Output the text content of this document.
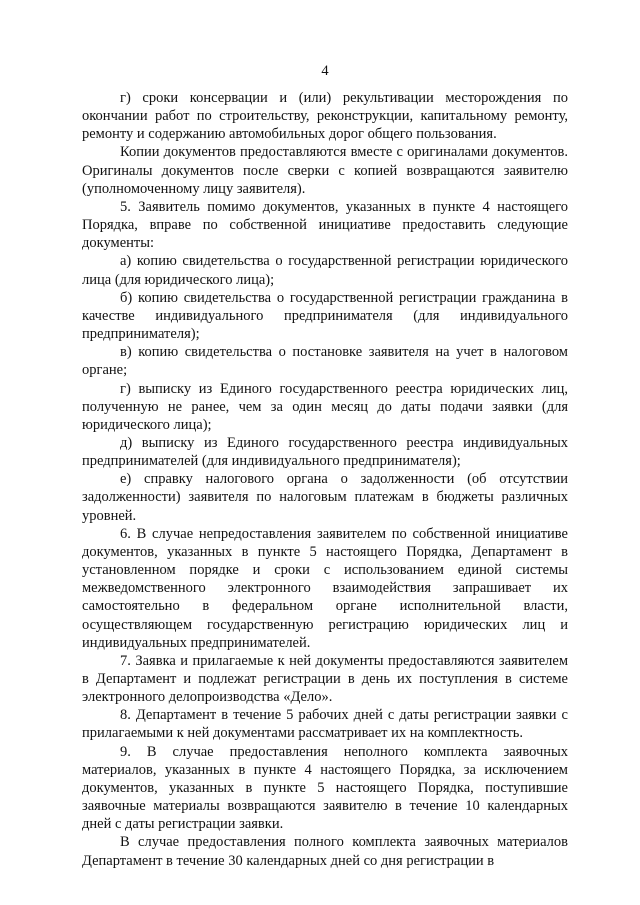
4

г) сроки консервации и (или) рекультивации месторождения по окончании работ по строительству, реконструкции, капитальному ремонту, ремонту и содержанию автомобильных дорог общего пользования.

Копии документов предоставляются вместе с оригиналами документов. Оригиналы документов после сверки с копией возвращаются заявителю (уполномоченному лицу заявителя).

5. Заявитель помимо документов, указанных в пункте 4 настоящего Порядка, вправе по собственной инициативе предоставить следующие документы:

а) копию свидетельства о государственной регистрации юридического лица (для юридического лица);

б) копию свидетельства о государственной регистрации гражданина в качестве индивидуального предпринимателя (для индивидуального предпринимателя);

в) копию свидетельства о постановке заявителя на учет в налоговом органе;

г) выписку из Единого государственного реестра юридических лиц, полученную не ранее, чем за один месяц до даты подачи заявки (для юридического лица);

д) выписку из Единого государственного реестра индивидуальных предпринимателей (для индивидуального предпринимателя);

е) справку налогового органа о задолженности (об отсутствии задолженности) заявителя по налоговым платежам в бюджеты различных уровней.

6. В случае непредоставления заявителем по собственной инициативе документов, указанных в пункте 5 настоящего Порядка, Департамент в установленном порядке и сроки с использованием единой системы межведомственного электронного взаимодействия запрашивает их самостоятельно в федеральном органе исполнительной власти, осуществляющем государственную регистрацию юридических лиц и индивидуальных предпринимателей.

7. Заявка и прилагаемые к ней документы предоставляются заявителем в Департамент и подлежат регистрации в день их поступления в системе электронного делопроизводства «Дело».

8. Департамент в течение 5 рабочих дней с даты регистрации заявки с прилагаемыми к ней документами рассматривает их на комплектность.

9. В случае предоставления неполного комплекта заявочных материалов, указанных в пункте 4 настоящего Порядка, за исключением документов, указанных в пункте 5 настоящего Порядка, поступившие заявочные материалы возвращаются заявителю в течение 10 календарных дней с даты регистрации заявки.

В случае предоставления полного комплекта заявочных материалов Департамент в течение 30 календарных дней со дня регистрации в
